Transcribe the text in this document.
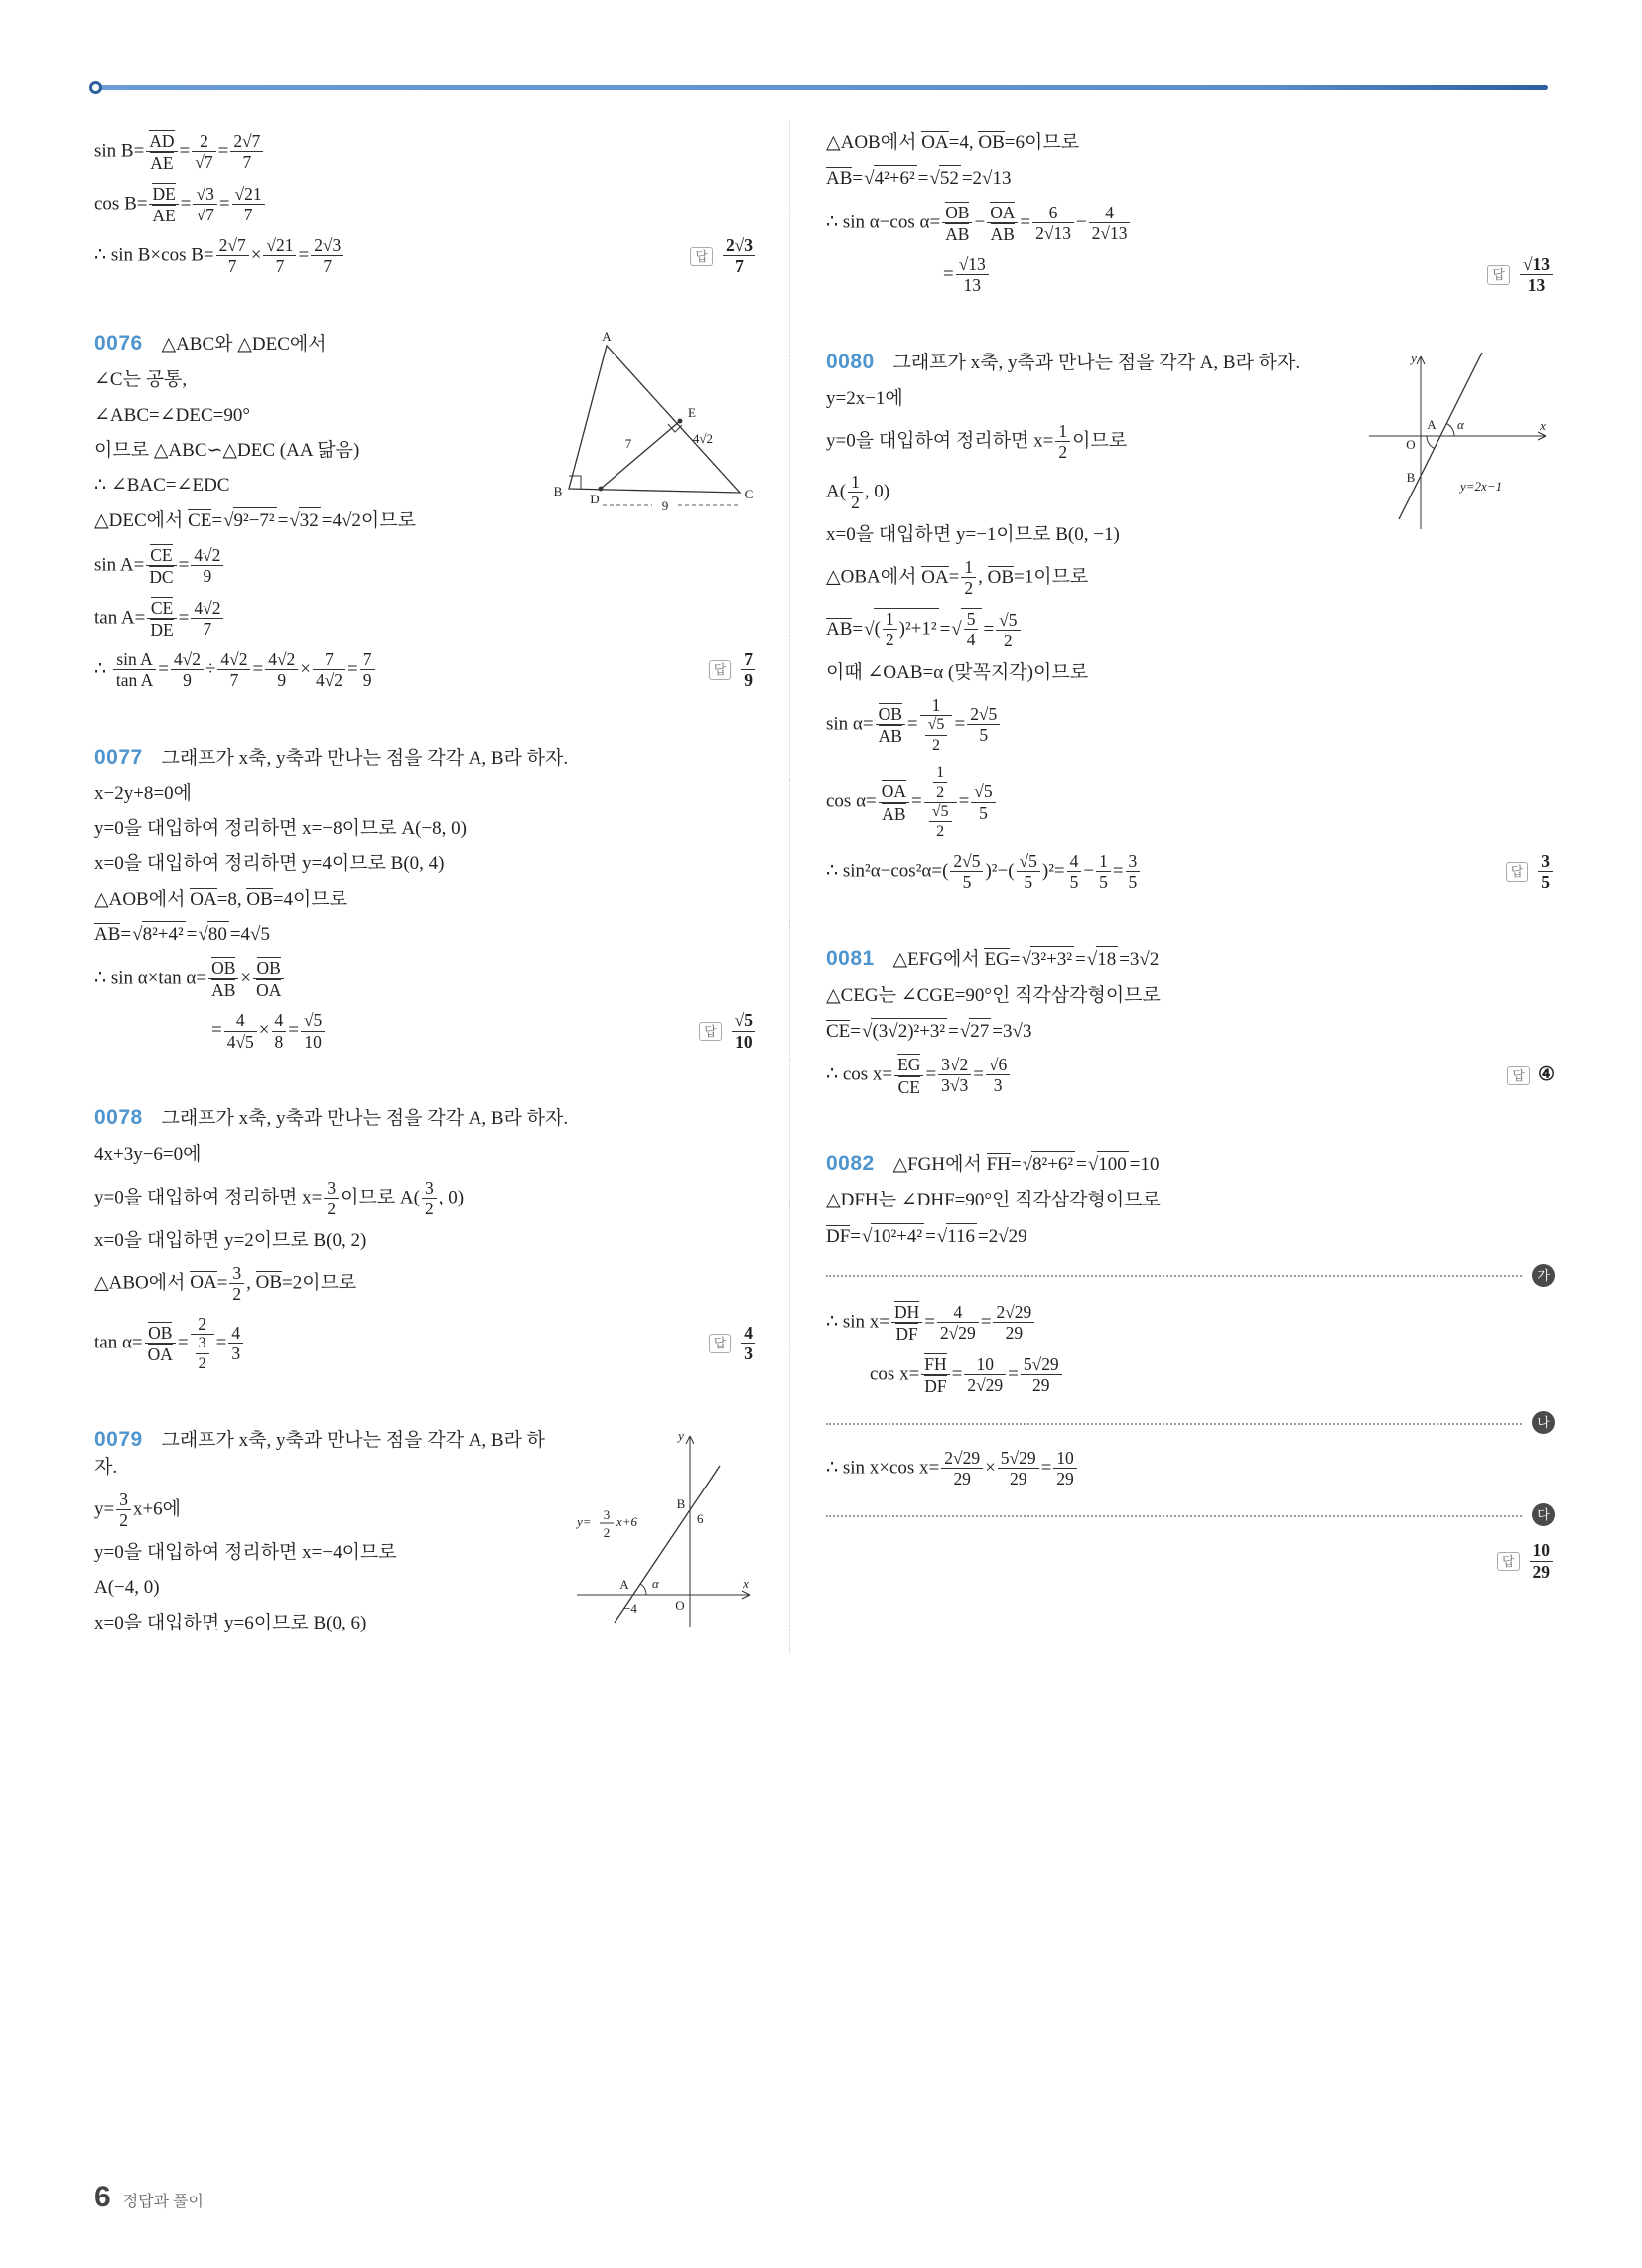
$\sin B= \frac{AD}{AE} = \frac{2}{√7} = \frac{2√7}{7}$
$\cos B= \frac{DE}{AE} = \frac{√3}{√7} = \frac{√21}{7}$
∴ sin B×cos $B= \frac{2√7}{7} \times \frac{√21}{7} = \frac{2√3}{7}$	답 $\frac{2√3}{7}$
A
B	C
D
E
7	4√2
9
0076 △ABC와 △DEC에서
∠C는 공통,
∠ABC=∠DEC=90°
이므로 △ABC∽△DEC (AA 닮음)
∴ ∠BAC=∠EDC
△DEC에서 CE= √ 9²−7² = √ 32 =4√2이므로
$\sin A= \frac{CE}{DC} = \frac{4√2}{9}$
$\tan A= \frac{CE}{DE} = \frac{4√2}{7}$
∴ $\frac{\text{sin A}}{\text{tan A}} = \frac{4√2}{9} \div \frac{4√2}{7} = \frac{4√2}{9} \times \frac{7}{4√2} = \frac{7}{9}$	답 $\frac{7}{9}$
0077 그래프가 x축, y축과 만나는 점을 각각 A, B라 하자.
x−2y+8=0에
y=0을 대입하여 정리하면 x=−8이므로 A(−8, 0)
x=0을 대입하여 정리하면 y=4이므로 B(0, 4)
△AOB에서 OA=8, OB=4이므로
AB= √ 8²+4² = √ 80 =4√5
∴ sin α×tan $\alpha= \frac{OB}{AB} \times \frac{OB}{OA}$
= $\frac{4}{4√5} \times \frac{4}{8} = \frac{√5}{10}$	답 $\frac{√5}{10}$
0078 그래프가 x축, y축과 만나는 점을 각각 A, B라 하자.
4x+3y−6=0에
y=0을 대입하여 정리하면 $x= \frac{3}{2}$ 이므로 $A( \frac{3}{2}$ , 0)
x=0을 대입하면 y=2이므로 B(0, 2)
△ABO에서 $OA= \frac{3}{2}$ , OB=2이므로
$\tan \alpha= \frac{OB}{OA} = \frac{2}{\frac{3}{2}} = \frac{4}{3}$	답 $\frac{4}{3}$
y
x
O
A
B
6
−4
α
y= 3
2
x+6
0079 그래프가 x축, y축과 만나는 점을 각각 A, B라 하자.
$y= \frac{3}{2} x+6$에
y=0을 대입하여 정리하면 x=−4이므로
A(−4, 0)
x=0을 대입하면 y=6이므로 B(0, 6)
△AOB에서 OA=4, OB=6이므로
AB= √ 4²+6² = √ 52 =2√13
∴ sin α−cos $\alpha= \frac{OB}{AB} - \frac{OA}{AB} = \frac{6}{2√13} - \frac{4}{2√13}$
= $\frac{√13}{13}$	답 $\frac{√13}{13}$
y
x
O
A α
B
y=2x−1
0080 그래프가 x축, y축과 만나는 점을 각각 A, B라 하자.
y=2x−1에
y=0을 대입하여 정리하면 $x= \frac{1}{2}$ 이므로
$A( \frac{1}{2}$ , 0)
x=0을 대입하면 y=−1이므로 B(0, −1)
△OBA에서 $OA= \frac{1}{2}$ , OB=1이므로
AB= √ ( $\frac{1}{2} )^2+1^2$ = √ $\frac{5}{4} = \frac{√5}{2}$
이때 ∠OAB=α (맞꼭지각)이므로
$\sin \alpha= \frac{OB}{AB} = \frac{1}{\frac{√5}{2}} = \frac{2√5}{5}$
$\cos \alpha= \frac{OA}{AB} = \frac{\frac{1}{2}}{\frac{√5}{2}} = \frac{√5}{5}$
∴ $\sin^2\alpha-\cos^2\alpha=( \frac{2√5}{5} )^2-( \frac{√5}{5} )^2= \frac{4}{5} - \frac{1}{5} = \frac{3}{5}$	답 $\frac{3}{5}$
0081 △EFG에서 EG= √ 3²+3² = √ 18 =3√2
△CEG는 ∠CGE=90°인 직각삼각형이므로
CE= √ (3√2)²+3² = √ 27 =3√3
∴ $\cos x= \frac{EG}{CE} = \frac{3√2}{3√3} = \frac{√6}{3}$	답 ④
0082 △FGH에서 FH= √ 8²+6² = √ 100 =10
△DFH는 ∠DHF=90°인 직각삼각형이므로
DF= √ 10²+4² = √ 116 =2√29
가
∴ $\sin x= \frac{DH}{DF} = \frac{4}{2√29} = \frac{2√29}{29}$
$\cos x= \frac{FH}{DF} = \frac{10}{2√29} = \frac{5√29}{29}$
나
∴ sin x×cos $x= \frac{2√29}{29} \times \frac{5√29}{29} = \frac{10}{29}$
다
답 $\frac{10}{29}$
6 정답과 풀이
